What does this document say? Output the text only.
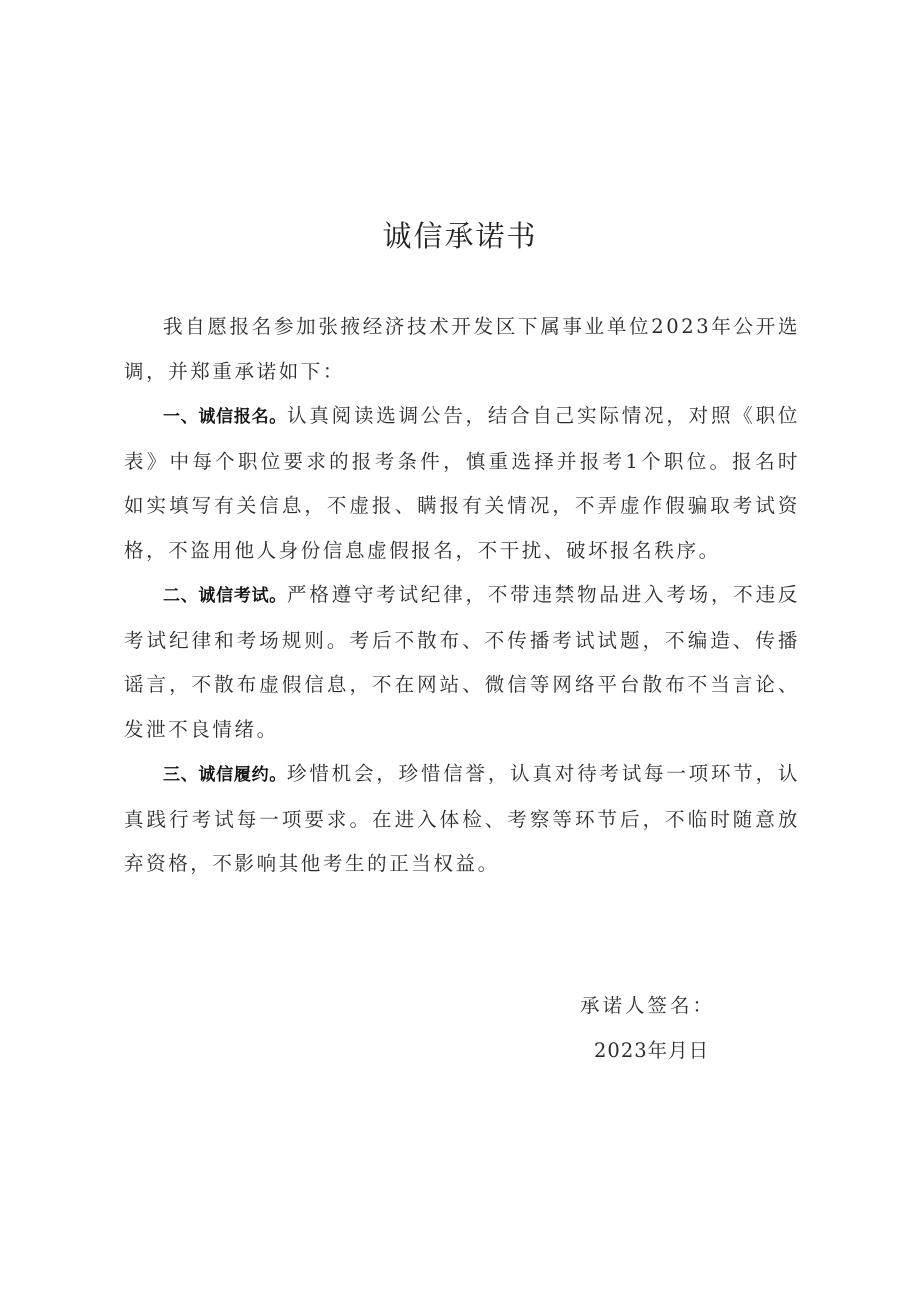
诚信承诺书

我自愿报名参加张掖经济技术开发区下属事业单位2023年公开选调，并郑重承诺如下：

一、诚信报名。认真阅读选调公告，结合自己实际情况，对照《职位表》中每个职位要求的报考条件，慎重选择并报考1个职位。报名时如实填写有关信息，不虚报、瞒报有关情况，不弄虚作假骗取考试资格，不盗用他人身份信息虚假报名，不干扰、破坏报名秩序。

二、诚信考试。严格遵守考试纪律，不带违禁物品进入考场，不违反考试纪律和考场规则。考后不散布、不传播考试试题，不编造、传播谣言，不散布虚假信息，不在网站、微信等网络平台散布不当言论、发泄不良情绪。

三、诚信履约。珍惜机会，珍惜信誉，认真对待考试每一项环节，认真践行考试每一项要求。在进入体检、考察等环节后，不临时随意放弃资格，不影响其他考生的正当权益。

承诺人签名：
2023年月日
